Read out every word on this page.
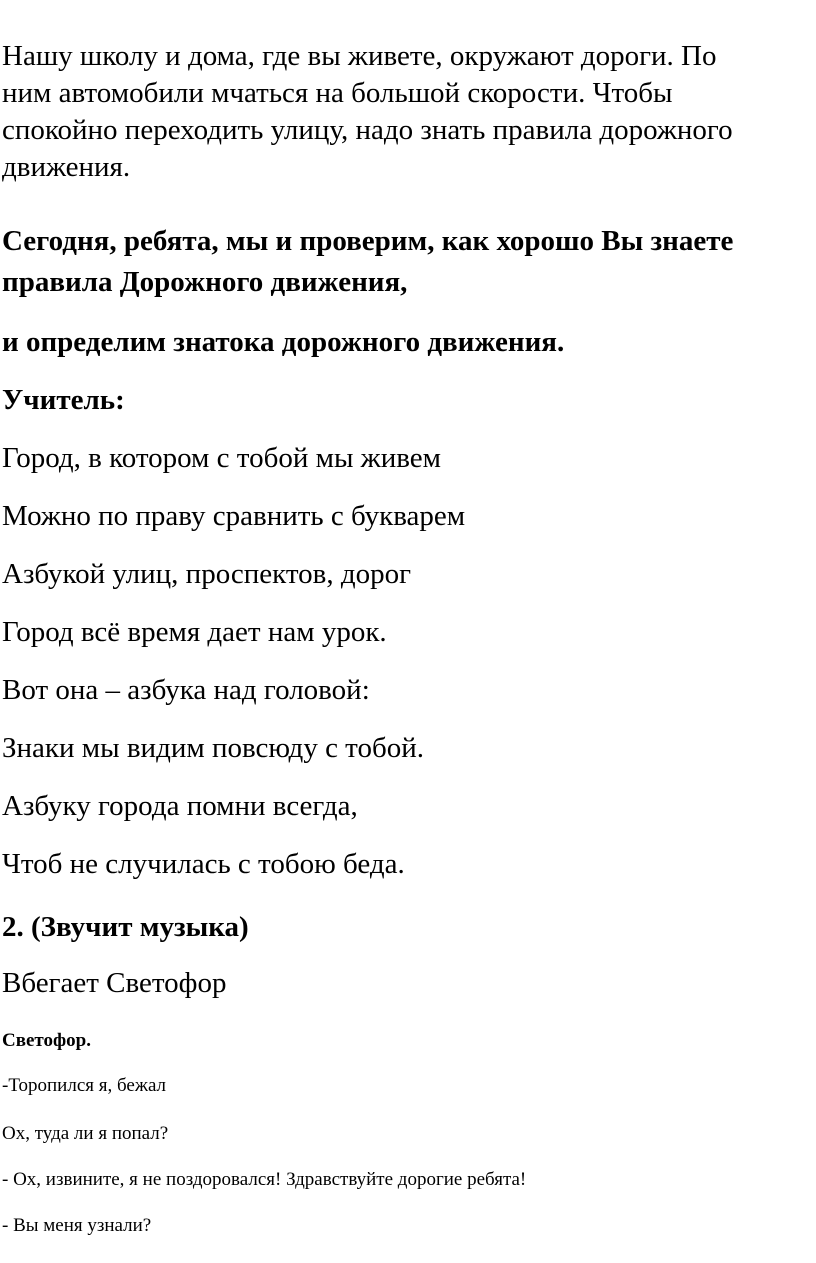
Нашу школу и дома, где вы живете, окружают дороги. По
ним автомобили мчаться на большой скорости. Чтобы
спокойно переходить улицу, надо знать правила дорожного
движения.
Сегодня, ребята, мы и проверим, как хорошо Вы знаете
правила Дорожного движения,
и определим знатока дорожного движения.
Учитель:
Город, в котором с тобой мы живем
Можно по праву сравнить с букварем
Азбукой улиц, проспектов, дорог
Город всё время дает нам урок.
Вот она – азбука над головой:
Знаки мы видим повсюду с тобой.
Азбуку города помни всегда,
Чтоб не случилась с тобою беда.
2. (Звучит музыка)
Вбегает Светофор
Светофор.
-Торопился я, бежал
Ох, туда ли я попал?
- Ох, извините, я не поздоровался! Здравствуйте дорогие ребята!
- Вы меня узнали?
